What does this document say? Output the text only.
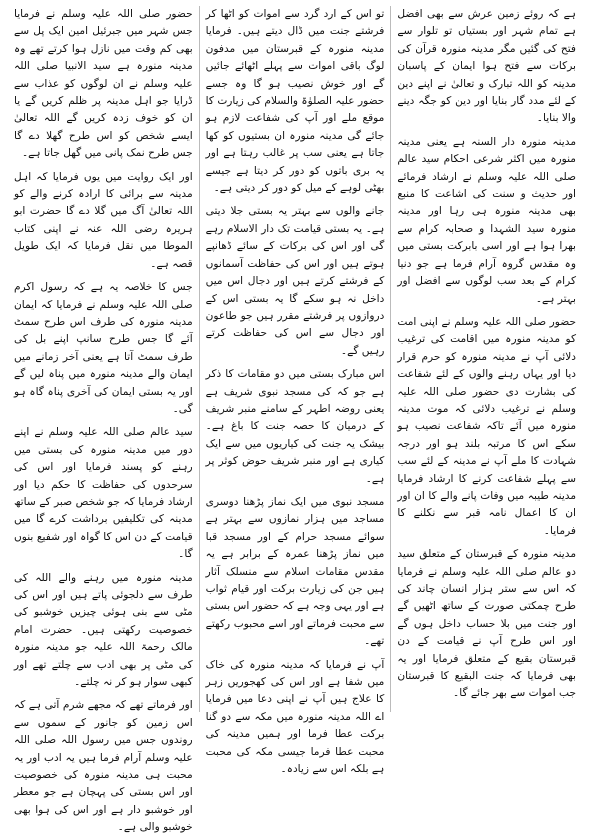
ہے کہ روئے زمین عرش سے بھی افضل ہے تمام شہر اور بستیاں تو تلوار سے فتح کی گئیں مگر مدینہ منورہ قرآن کی برکات سے فتح ہوا ایمان کے پاسبان مدینہ کو اللہ تبارک و تعالیٰ نے اپنے دین کے لئے مدد گار بنایا اور دین کو جگہ دینے والا بنایا۔

مدینہ منورہ دار السنہ ہے یعنی مدینہ منورہ میں اکثر شرعی احکام سید عالم صلی اللہ علیہ وسلم نے ارشاد فرمائے اور حدیث و سنت کی اشاعت کا منبع بھی مدینہ منورہ ہی رہا اور مدینہ منورہ سید الشہدا و صحابہ کرام سے بھرا ہوا ہے اور اسی بابرکت بستی میں وہ مقدس گروہ آرام فرما ہے جو دنیا کرام کے بعد سب لوگوں سے افضل اور بہتر ہے۔

حضور صلی اللہ علیہ وسلم نے اپنی امت کو مدینہ منورہ میں اقامت کی ترغیب دلائی آپ نے مدینہ منورہ کو حرم قرار دیا اور یہاں رہنے والوں کے لئے شفاعت کی بشارت دی حضور صلی اللہ علیہ وسلم نے ترغیب دلائی کہ موت مدینہ منورہ میں آئے تاکہ شفاعت نصیب ہو سکے اس کا مرتبہ بلند ہو اور درجہ شہادت کا ملے آپ نے مدینہ کے لئے سب سے پہلے شفاعت کرنے کا ارشاد فرمایا مدینہ طیبہ میں وفات پانے والے کا ان اور ان کا اعمال نامہ قبر سے نکلنے کا فرمایا۔

مدینہ منورہ کے قبرستان کے متعلق سید دو عالم صلی اللہ علیہ وسلم نے فرمایا کہ اس سے ستر ہزار انسان چاند کی طرح چمکتی صورت کے ساتھ اٹھیں گے اور جنت میں بلا حساب داخل ہوں گے اور اس طرح آپ نے قیامت کے دن قبرستان بقیع کے متعلق فرمایا اور یہ بھی فرمایا کہ جنت البقیع کا قبرستان جب اموات سے بھر جائے گا۔

تو اس کے ارد گرد سے اموات کو اٹھا کر فرشتے جنت میں ڈال دیتے ہیں۔ فرمایا مدینہ منورہ کے قبرستان میں مدفون لوگ باقی اموات سے پہلے اٹھائے جائیں گے اور خوش نصیب ہو گا وہ جسے حضور علیہ الصلوٰۃ والسلام کی زیارت کا موقع ملے اور آپ کی شفاعت لازم ہو جائے گی مدینہ منورہ ان بستیوں کو کھا جاتا ہے یعنی سب پر غالب رہتا ہے اور یہ بری باتوں کو دور کر دیتا ہے جیسے بھٹی لوہے کے میل کو دور کر دیتی ہے۔

جانے والوں سے بہتر یہ بستی جلا دیتی ہے۔ یہ بستی قیامت تک دار الاسلام رہے گی اور اس کی برکات کے سائے ڈھانپے ہوتے ہیں اور اس کی حفاظت آسمانوں کے فرشتے کرتے ہیں اور دجال اس میں داخل نہ ہو سکے گا یہ بستی اس کے دروازوں پر فرشتے مقرر ہیں جو طاعون اور دجال سے اس کی حفاظت کرتے رہیں گے۔

اس مبارک بستی میں دو مقامات کا ذکر ہے جو کہ کی مسجد نبوی شریف ہے یعنی روضہ اطہر کے سامنے منبر شریف کے درمیان کا حصہ جنت کا باغ ہے۔ بیشک یہ جنت کی کیاریوں میں سے ایک کیاری ہے اور منبر شریف حوض کوثر پر ہے۔

مسجد نبوی میں ایک نماز پڑھنا دوسری مساجد میں ہزار نمازوں سے بہتر ہے سوائے مسجد حرام کے اور مسجد قبا میں نماز پڑھنا عمرہ کے برابر ہے یہ مقدس مقامات اسلام سے منسلک آثار ہیں جن کی زیارت برکت اور قیام ثواب ہے اور یہی وجہ ہے کہ حضور اس بستی سے محبت فرماتے اور اسے محبوب رکھتے تھے۔

آپ نے فرمایا کہ مدینہ منورہ کی خاک میں شفا ہے اور اس کی کھجوریں زہر کا علاج ہیں آپ نے اپنی دعا میں فرمایا اے اللہ مدینہ منورہ میں مکہ سے دو گنا برکت عطا فرما اور ہمیں مدینہ کی محبت عطا فرما جیسی مکہ کی محبت ہے بلکہ اس سے زیادہ۔

حضور صلی اللہ علیہ وسلم نے فرمایا جس شہر میں جبرئیل امین ایک پل سے بھی کم وقت میں نازل ہوا کرتے تھے وہ مدینہ منورہ ہے سید الانبیا صلی اللہ علیہ وسلم نے ان لوگوں کو عذاب سے ڈرایا جو اہل مدینہ پر ظلم کریں گے یا ان کو خوف زدہ کریں گے اللہ تعالیٰ ایسے شخص کو اس طرح گھلا دے گا جس طرح نمک پانی میں گھل جاتا ہے۔

اور ایک روایت میں یوں فرمایا کہ اہل مدینہ سے برائی کا ارادہ کرنے والے کو اللہ تعالیٰ آگ میں گلا دے گا حضرت ابو ہریرہ رضی اللہ عنہ نے اپنی کتاب الموطا میں نقل فرمایا کہ ایک طویل قصہ ہے۔

جس کا خلاصہ یہ ہے کہ رسول اکرم صلی اللہ علیہ وسلم نے فرمایا کہ ایمان مدینہ منورہ کی طرف اس طرح سمٹ آئے گا جس طرح سانپ اپنے بل کی طرف سمٹ آتا ہے یعنی آخر زمانے میں ایمان والے مدینہ منورہ میں پناہ لیں گے اور یہ بستی ایمان کی آخری پناہ گاہ ہو گی۔

سید عالم صلی اللہ علیہ وسلم نے اپنے دور میں مدینہ منورہ کی بستی میں رہنے کو پسند فرمایا اور اس کی سرحدوں کی حفاظت کا حکم دیا اور ارشاد فرمایا کہ جو شخص صبر کے ساتھ مدینہ کی تکلیفیں برداشت کرے گا میں قیامت کے دن اس کا گواہ اور شفیع بنوں گا۔

مدینہ منورہ میں رہنے والے اللہ کی طرف سے دلجوئی پاتے ہیں اور اس کی مٹی سے بنی ہوئی چیزیں خوشبو کی خصوصیت رکھتی ہیں۔ حضرت امام مالک رحمۃ اللہ علیہ جو مدینہ منورہ کی مٹی پر بھی ادب سے چلتے تھے اور کبھی سوار ہو کر نہ چلتے۔

اور فرماتے تھے کہ مجھے شرم آتی ہے کہ اس زمین کو جانور کے سموں سے روندوں جس میں رسول اللہ صلی اللہ علیہ وسلم آرام فرما ہیں یہ ادب اور یہ محبت ہی مدینہ منورہ کی خصوصیت اور اس بستی کی پہچان ہے جو معطر اور خوشبو دار ہے اور اس کی ہوا بھی خوشبو والی ہے۔
